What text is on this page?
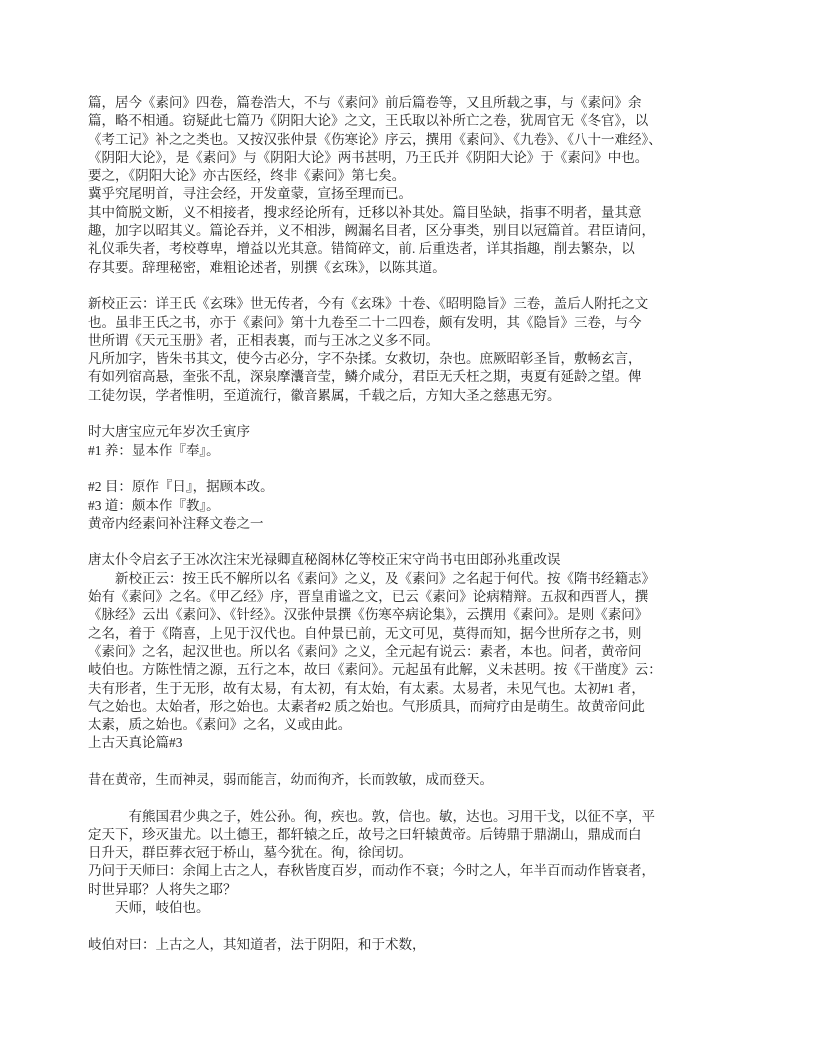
篇，居今《素问》四卷，篇卷浩大，不与《素问》前后篇卷等，又且所载之事，与《素问》余
篇，略不相通。窃疑此七篇乃《阴阳大论》之文，王氏取以补所亡之卷，犹周官无《冬官》，以
《考工记》补之之类也。又按汉张仲景《伤寒论》序云，撰用《素问》、《九卷》、《八十一难经》、
《阴阳大论》，是《素问》与《阴阳大论》两书甚明，乃王氏并《阴阳大论》于《素问》中也。
要之，《阴阳大论》亦古医经，终非《素问》第七矣。
冀乎究尾明首，寻注会经，开发童蒙，宣扬至理而已。
其中简脱文断，义不相接者，搜求经论所有，迁移以补其处。篇目坠缺，指事不明者，量其意
趣，加字以昭其义。篇论吞并，义不相涉，阙漏名目者，区分事类，别目以冠篇首。君臣请问，
礼仪乖失者，考校尊卑，增益以光其意。错简碎文，前. 后重迭者，详其指趣，削去繁杂，以
存其要。辞理秘密，难粗论述者，别撰《玄珠》，以陈其道。
新校正云：详王氏《玄珠》世无传者，今有《玄珠》十卷、《昭明隐旨》三卷，盖后人附托之文
也。虽非王氏之书，亦于《素问》第十九卷至二十二四卷，颇有发明，其《隐旨》三卷，与今
世所谓《天元玉册》者，正相表裏，而与王冰之义多不同。
凡所加字，皆朱书其文，使今古必分，字不杂揉。女救切，杂也。庶厥昭彰圣旨，敷畅玄言，
有如列宿高悬，奎张不乱，深泉摩灢音莹，鳞介咸分，君臣无夭枉之期，夷夏有延龄之望。俾
工徒勿误，学者惟明，至道流行，徽音累属，千载之后，方知大圣之慈惠无穷。
时大唐宝应元年岁次壬寅序
#1 养：显本作『奉』。
#2 目：原作『日』，据顾本改。
#3 道：颇本作『教』。
黄帝内经素问补注释文卷之一
唐太仆令启玄子王冰次注宋光禄卿直秘阁林亿等校正宋守尚书屯田郎孙兆重改误
　　新校正云：按王氏不解所以名《素问》之义，及《素问》之名起于何代。按《隋书经籍志》
始有《素问》之名。《甲乙经》序，晋皇甫谧之文，已云《素问》论病精辩。五叔和西晋人，撰
《脉经》云出《素问》、《针经》。汉张仲景撰《伤寒卒病论集》，云撰用《素问》。是则《素问》
之名，着于《隋喜，上见于汉代也。自仲景已前，无文可见，莫得而知，据今世所存之书，则
《素问》之名，起汉世也。所以名《素问》之义，全元起有说云：素者，本也。问者，黄帝问
岐伯也。方陈性情之源，五行之本，故曰《素问》。元起虽有此解，义未甚明。按《干凿度》云：
夫有形者，生于无形，故有太易，有太初，有太始，有太素。太易者，未见气也。太初#1 者，
气之始也。太始者，形之始也。太素者#2 质之始也。气形质具，而疴疗由是萌生。故黄帝问此
太素，质之始也。《素问》之名，义或由此。
上古天真论篇#3
昔在黄帝，生而神灵，弱而能言，幼而徇齐，长而敦敏，成而登天。
　　　有熊国君少典之子，姓公孙。徇，疾也。敦，信也。敏，达也。习用干戈，以征不享，平
定天下，珍灭蚩尤。以土德王，都轩辕之丘，故号之曰轩辕黄帝。后铸鼎于鼎湖山，鼎成而白
日升天，群臣葬衣冠于桥山，墓今犹在。徇，徐闰切。
乃问于天师曰：余闻上古之人，春秋皆度百岁，而动作不衰；今时之人，年半百而动作皆衰者，
时世异耶？人将失之耶？
　　天师，岐伯也。
岐伯对曰：上古之人，其知道者，法于阴阳，和于术数，
